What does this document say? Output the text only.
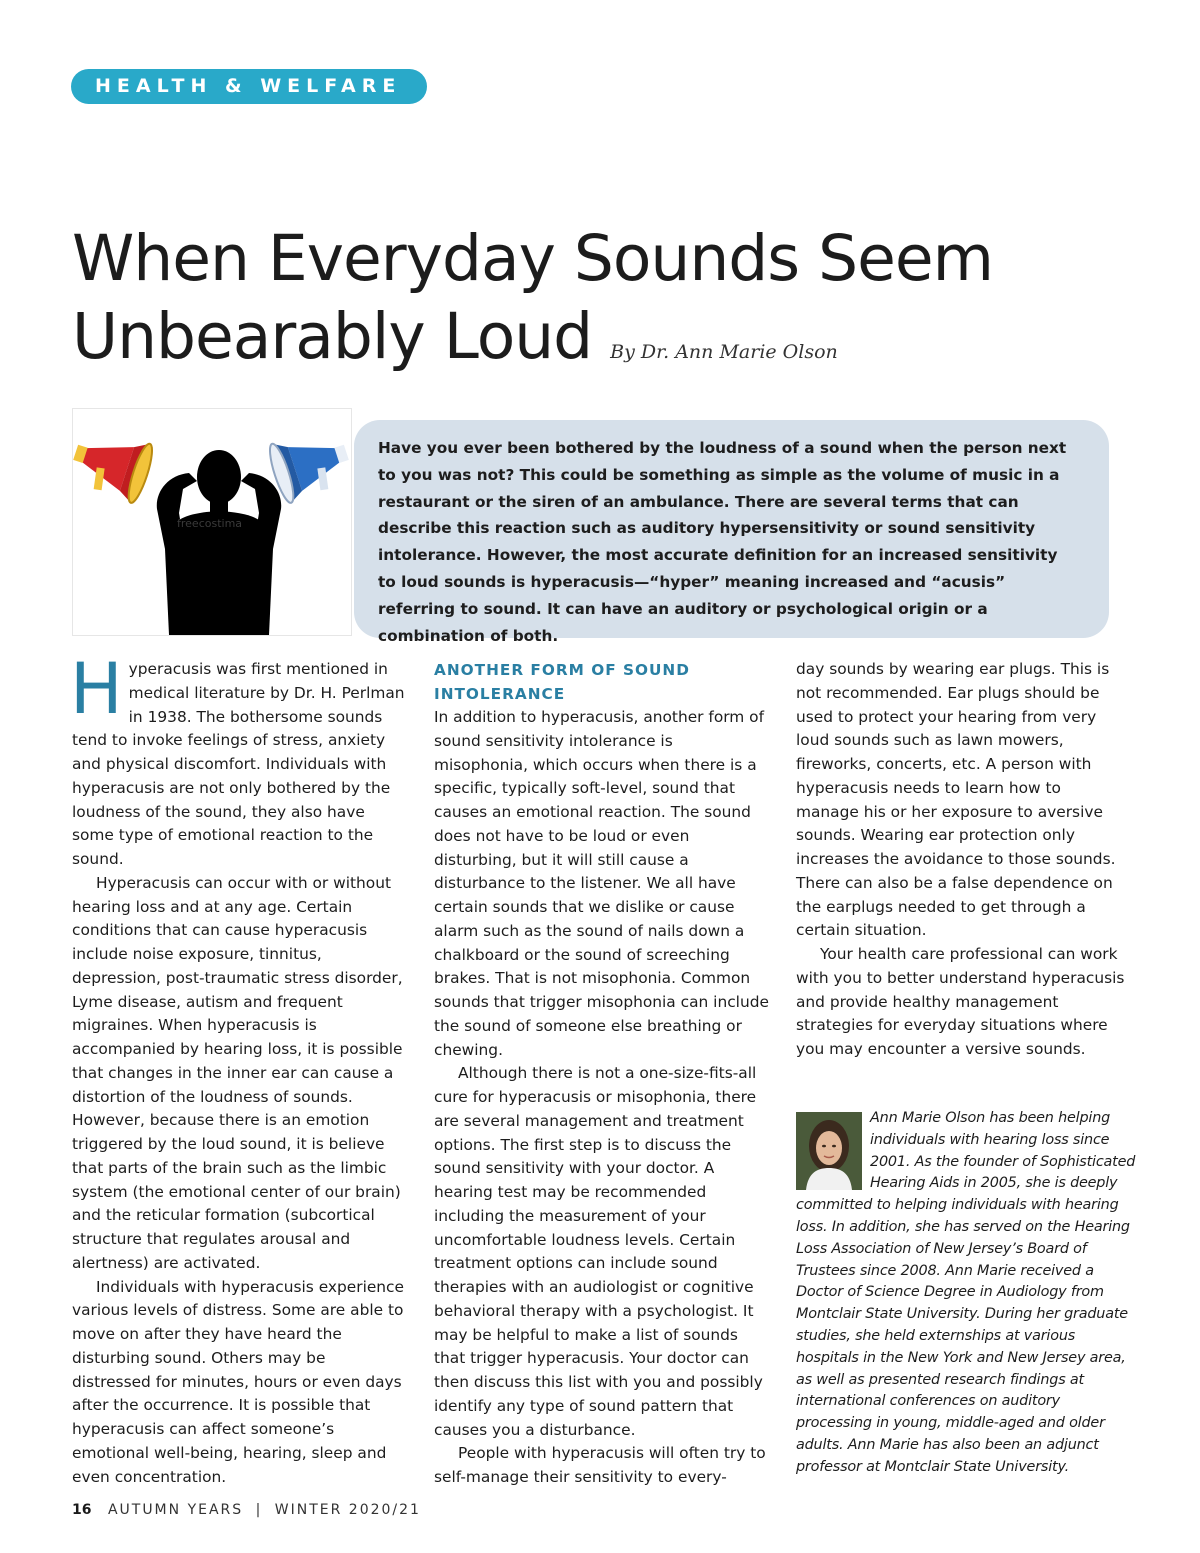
HEALTH & WELFARE
When Everyday Sounds Seem
Unbearably Loud By Dr. Ann Marie Olson
freecostima

Have you ever been bothered by the loudness of a sound when the person next to you was not? This could be something as simple as the volume of music in a restaurant or the siren of an ambulance. There are several terms that can describe this reaction such as auditory hypersensitivity or sound sensitivity intolerance. However, the most accurate definition for an increased sensitivity to loud sounds is hyperacusis—“hyper” meaning increased and “acusis” referring to sound. It can have an auditory or psychological origin or a combination of both.

Hyperacusis was first mentioned in medical literature by Dr. H. Perlman in 1938. The bothersome sounds tend to invoke feelings of stress, anxiety and physical discomfort. Individuals with hyperacusis are not only bothered by the loudness of the sound, they also have some type of emotional reaction to the sound.

Hyperacusis can occur with or without hearing loss and at any age. Certain conditions that can cause hyperacusis include noise exposure, tinnitus, depression, post-traumatic stress disorder, Lyme disease, autism and frequent migraines. When hyperacusis is accompanied by hearing loss, it is possible that changes in the inner ear can cause a distortion of the loudness of sounds. However, because there is an emotion triggered by the loud sound, it is believe that parts of the brain such as the limbic system (the emotional center of our brain) and the reticular formation (subcortical structure that regulates arousal and alertness) are activated.

Individuals with hyperacusis experience various levels of distress. Some are able to move on after they have heard the disturbing sound. Others may be distressed for minutes, hours or even days after the occurrence. It is possible that hyperacusis can affect someone’s emotional well-being, hearing, sleep and even concentration.

ANOTHER FORM OF SOUND INTOLERANCE

In addition to hyperacusis, another form of sound sensitivity intolerance is misophonia, which occurs when there is a specific, typically soft-level, sound that causes an emotional reaction. The sound does not have to be loud or even disturbing, but it will still cause a disturbance to the listener. We all have certain sounds that we dislike or cause alarm such as the sound of nails down a chalkboard or the sound of screeching brakes. That is not misophonia. Common sounds that trigger misophonia can include the sound of someone else breathing or chewing.

Although there is not a one-size-fits-all cure for hyperacusis or misophonia, there are several management and treatment options. The first step is to discuss the sound sensitivity with your doctor. A hearing test may be recommended including the measurement of your uncomfortable loudness levels. Certain treatment options can include sound therapies with an audiologist or cognitive behavioral therapy with a psychologist. It may be helpful to make a list of sounds that trigger hyperacusis. Your doctor can then discuss this list with you and possibly identify any type of sound pattern that causes you a disturbance.

People with hyperacusis will often try to self-manage their sensitivity to every-

day sounds by wearing ear plugs. This is not recommended. Ear plugs should be used to protect your hearing from very loud sounds such as lawn mowers, fireworks, concerts, etc. A person with hyperacusis needs to learn how to manage his or her exposure to aversive sounds. Wearing ear protection only increases the avoidance to those sounds. There can also be a false dependence on the earplugs needed to get through a certain situation.

Your health care professional can work with you to better understand hyperacusis and provide healthy management strategies for everyday situations where you may encounter a versive sounds.

Ann Marie Olson has been helping individuals with hearing loss since 2001. As the founder of Sophisticated Hearing Aids in 2005, she is deeply committed to helping individuals with hearing loss. In addition, she has served on the Hearing Loss Association of New Jersey’s Board of Trustees since 2008. Ann Marie received a Doctor of Science Degree in Audiology from Montclair State University. During her graduate studies, she held externships at various hospitals in the New York and New Jersey area, as well as presented research findings at international conferences on auditory processing in young, middle-aged and older adults. Ann Marie has also been an adjunct professor at Montclair State University.
16 AUTUMN YEARS | WINTER 2020/21
